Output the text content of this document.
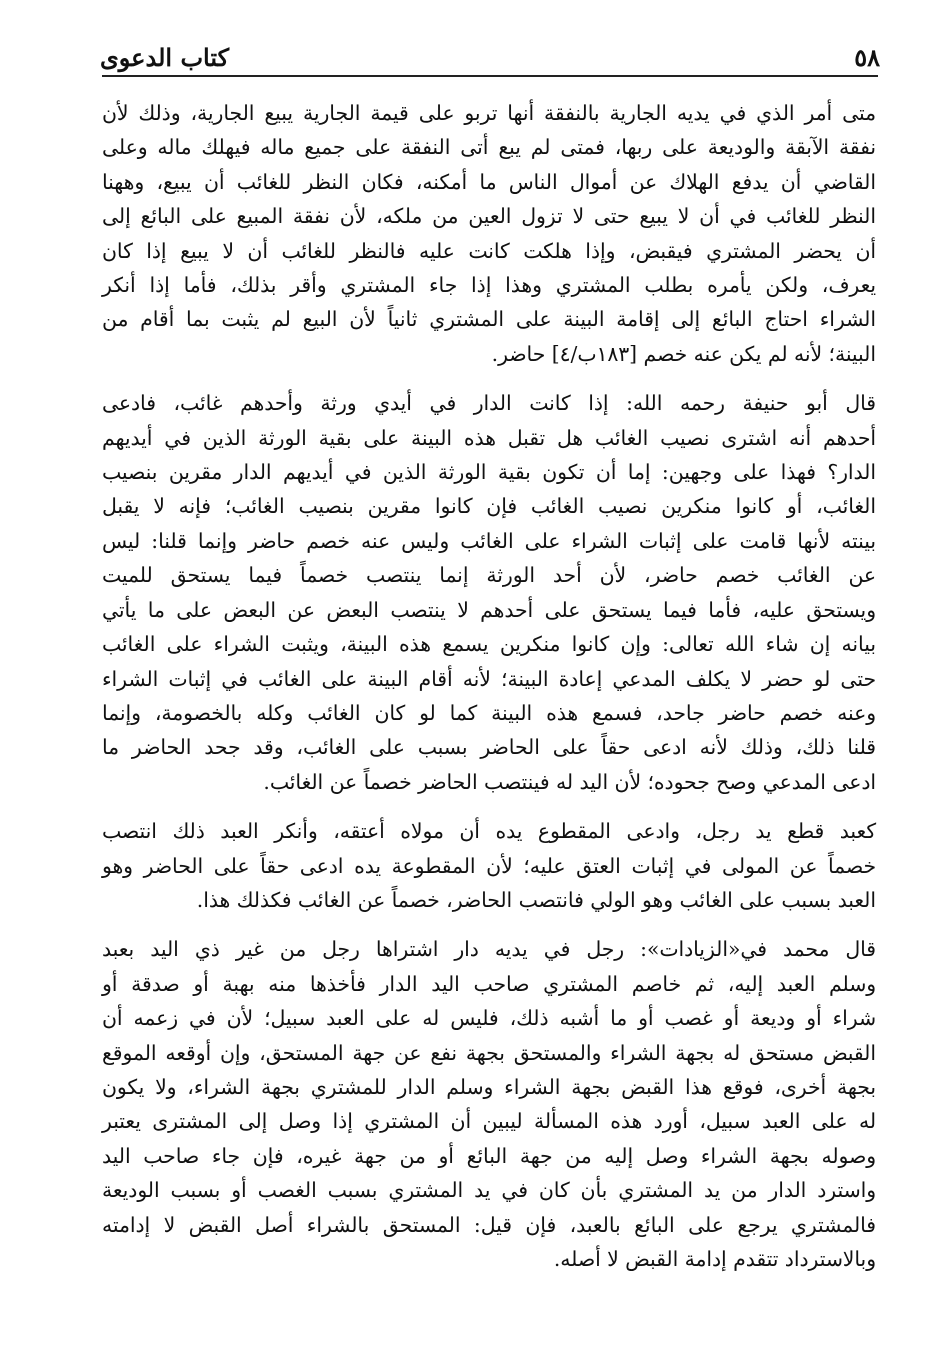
٥٨
كتاب الدعوى
متى أمر الذي في يديه الجارية بالنفقة أنها تربو على قيمة الجارية يبيع الجارية، وذلك لأن
نفقة الآبقة والوديعة على ربها، فمتى لم يبع أتى النفقة على جميع ماله فيهلك ماله وعلى
القاضي أن يدفع الهلاك عن أموال الناس ما أمكنه، فكان النظر للغائب أن يبيع، وههنا
النظر للغائب في أن لا يبيع حتى لا تزول العين من ملكه، لأن نفقة المبيع على البائع إلى
أن يحضر المشتري فيقبض، وإذا هلكت كانت عليه فالنظر للغائب أن لا يبيع إذا كان
يعرف، ولكن يأمره بطلب المشتري وهذا إذا جاء المشتري وأقر بذلك، فأما إذا أنكر
الشراء احتاج البائع إلى إقامة البينة على المشتري ثانياً لأن البيع لم يثبت بما أقام من
البينة؛ لأنه لم يكن عنه خصم [١٨٣ب/٤] حاضر.
قال أبو حنيفة رحمه الله: إذا كانت الدار في أيدي ورثة وأحدهم غائب، فادعى
أحدهم أنه اشترى نصيب الغائب هل تقبل هذه البينة على بقية الورثة الذين في أيديهم
الدار؟ فهذا على وجهين: إما أن تكون بقية الورثة الذين في أيديهم الدار مقرين بنصيب
الغائب، أو كانوا منكرين نصيب الغائب فإن كانوا مقرين بنصيب الغائب؛ فإنه لا يقبل
بينته لأنها قامت على إثبات الشراء على الغائب وليس عنه خصم حاضر وإنما قلنا: ليس
عن الغائب خصم حاضر، لأن أحد الورثة إنما ينتصب خصماً فيما يستحق للميت
ويستحق عليه، فأما فيما يستحق على أحدهم لا ينتصب البعض عن البعض على ما يأتي
بيانه إن شاء الله تعالى: وإن كانوا منكرين يسمع هذه البينة، ويثبت الشراء على الغائب
حتى لو حضر لا يكلف المدعي إعادة البينة؛ لأنه أقام البينة على الغائب في إثبات الشراء
وعنه خصم حاضر جاحد، فسمع هذه البينة كما لو كان الغائب وكله بالخصومة، وإنما
قلنا ذلك، وذلك لأنه ادعى حقاً على الحاضر بسبب على الغائب، وقد جحد الحاضر ما
ادعى المدعي وصح جحوده؛ لأن اليد له فينتصب الحاضر خصماً عن الغائب.
كعبد قطع يد رجل، وادعى المقطوع يده أن مولاه أعتقه، وأنكر العبد ذلك انتصب
خصماً عن المولى في إثبات العتق عليه؛ لأن المقطوعة يده ادعى حقاً على الحاضر وهو
العبد بسبب على الغائب وهو الولي فانتصب الحاضر، خصماً عن الغائب فكذلك هذا.
قال محمد في«الزيادات»: رجل في يديه دار اشتراها رجل من غير ذي اليد بعبد
وسلم العبد إليه، ثم خاصم المشتري صاحب اليد الدار فأخذها منه بهبة أو صدقة أو
شراء أو وديعة أو غصب أو ما أشبه ذلك، فليس له على العبد سبيل؛ لأن في زعمه أن
القبض مستحق له بجهة الشراء والمستحق بجهة نفع عن جهة المستحق، وإن أوقعه الموقع
بجهة أخرى، فوقع هذا القبض بجهة الشراء وسلم الدار للمشتري بجهة الشراء، ولا يكون
له على العبد سبيل، أورد هذه المسألة ليبين أن المشتري إذا وصل إلى المشترى يعتبر
وصوله بجهة الشراء وصل إليه من جهة البائع أو من جهة غيره، فإن جاء صاحب اليد
واسترد الدار من يد المشتري بأن كان في يد المشتري بسبب الغصب أو بسبب الوديعة
فالمشتري يرجع على البائع بالعبد، فإن قيل: المستحق بالشراء أصل القبض لا إدامته
وبالاسترداد تتقدم إدامة القبض لا أصله.
